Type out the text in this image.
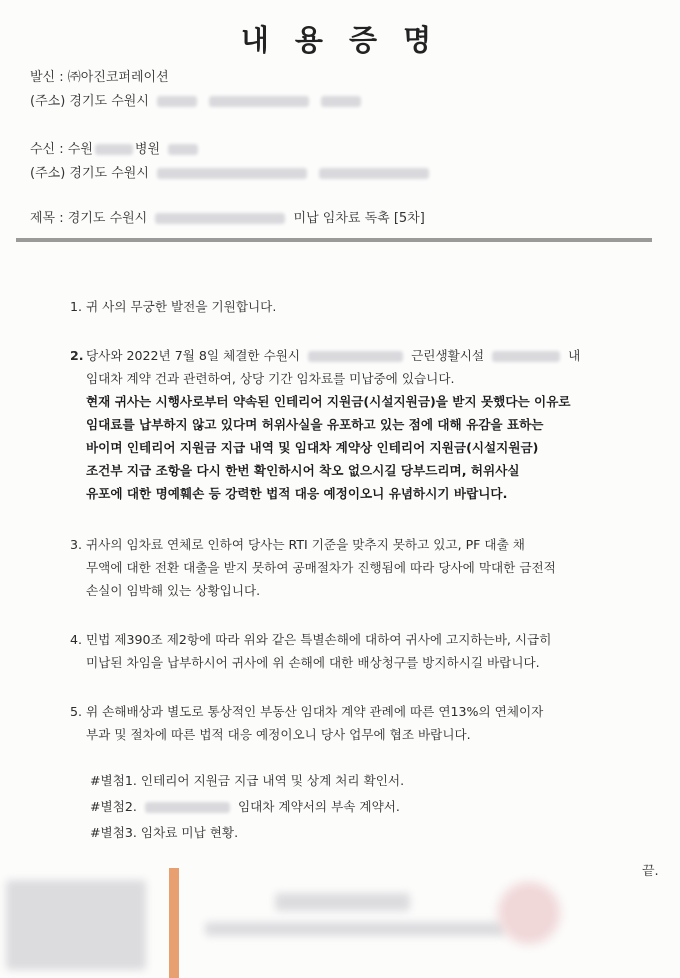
내 용 증 명
발신 : ㈜아진코퍼레이션
(주소) 경기도 수원시
수신 : 수원	병원
(주소) 경기도 수원시
제목 : 경기도 수원시	미납 임차료 독촉 [5차]
1. 귀 사의 무궁한 발전을 기원합니다.
2. 당사와 2022년 7월 8일 체결한 수원시	근린생활시설	내
임대차 계약 건과 관련하여, 상당 기간 임차료를 미납중에 있습니다.
현재 귀사는 시행사로부터 약속된 인테리어 지원금(시설지원금)을 받지 못했다는 이유로
임대료를 납부하지 않고 있다며 허위사실을 유포하고 있는 점에 대해 유감을 표하는
바이며 인테리어 지원금 지급 내역 및 임대차 계약상 인테리어 지원금(시설지원금)
조건부 지급 조항을 다시 한번 확인하시어 착오 없으시길 당부드리며, 허위사실
유포에 대한 명예훼손 등 강력한 법적 대응 예정이오니 유념하시기 바랍니다.
3. 귀사의 임차료 연체로 인하여 당사는 RTI 기준을 맞추지 못하고 있고, PF 대출 채
무액에 대한 전환 대출을 받지 못하여 공매절차가 진행됨에 따라 당사에 막대한 금전적
손실이 임박해 있는 상황입니다.
4. 민법 제390조 제2항에 따라 위와 같은 특별손해에 대하여 귀사에 고지하는바, 시급히
미납된 차임을 납부하시어 귀사에 위 손해에 대한 배상청구를 방지하시길 바랍니다.
5. 위 손해배상과 별도로 통상적인 부동산 임대차 계약 관례에 따른 연13%의 연체이자
부과 및 절차에 따른 법적 대응 예정이오니 당사 업무에 협조 바랍니다.
#별첨1. 인테리어 지원금 지급 내역 및 상계 처리 확인서.
#별첨2.	임대차 계약서의 부속 계약서.
#별첨3. 임차료 미납 현황.
끝.
